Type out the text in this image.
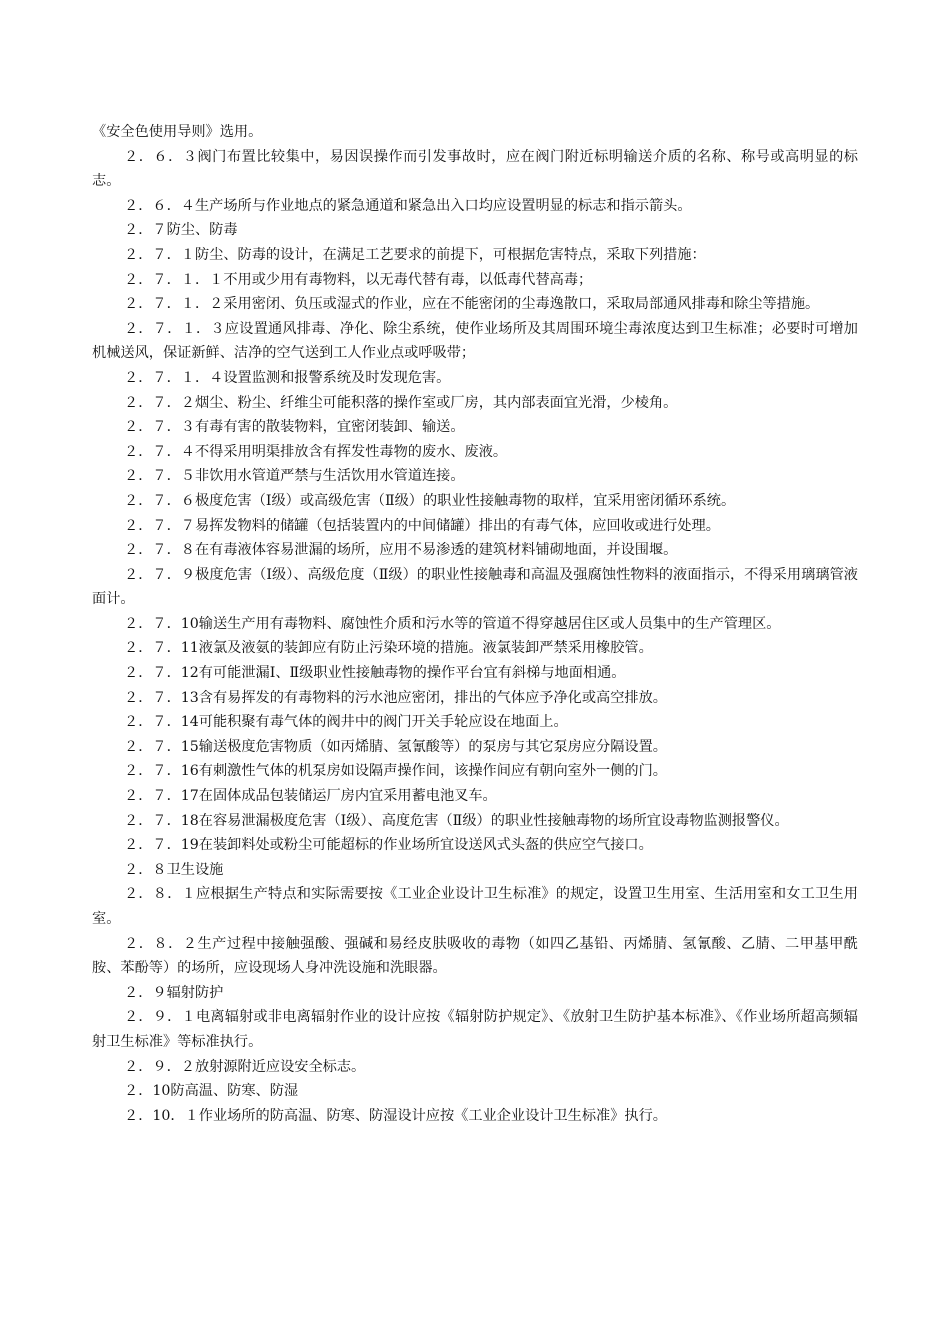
《安全色使用导则》选用。

２．６．３阀门布置比较集中，易因误操作而引发事故时，应在阀门附近标明输送介质的名称、称号或高明显的标志。

２．６．４生产场所与作业地点的紧急通道和紧急出入口均应设置明显的标志和指示箭头。

２．７防尘、防毒

２．７．１防尘、防毒的设计，在满足工艺要求的前提下，可根据危害特点，采取下列措施：

２．７．１．１不用或少用有毒物料，以无毒代替有毒，以低毒代替高毒；

２．７．１．２采用密闭、负压或湿式的作业，应在不能密闭的尘毒逸散口，采取局部通风排毒和除尘等措施。

２．７．１．３应设置通风排毒、净化、除尘系统，使作业场所及其周围环境尘毒浓度达到卫生标准；必要时可增加机械送风，保证新鲜、洁净的空气送到工人作业点或呼吸带；

２．７．１．４设置监测和报警系统及时发现危害。

２．７．２烟尘、粉尘、纤维尘可能积落的操作室或厂房，其内部表面宜光滑，少棱角。

２．７．３有毒有害的散装物料，宜密闭装卸、输送。

２．７．４不得采用明渠排放含有挥发性毒物的废水、废液。

２．７．５非饮用水管道严禁与生活饮用水管道连接。

２．７．６极度危害（Ⅰ级）或高级危害（Ⅱ级）的职业性接触毒物的取样，宜采用密闭循环系统。

２．７．７易挥发物料的储罐（包括装置内的中间储罐）排出的有毒气体，应回收或进行处理。

２．７．８在有毒液体容易泄漏的场所，应用不易渗透的建筑材料铺砌地面，并设围堰。

２．７．９极度危害（Ⅰ级）、高级危度（Ⅱ级）的职业性接触毒和高温及强腐蚀性物料的液面指示，不得采用璃璃管液面计。

２．７．10输送生产用有毒物料、腐蚀性介质和污水等的管道不得穿越居住区或人员集中的生产管理区。

２．７．11液氯及液氨的装卸应有防止污染环境的措施。液氯装卸严禁采用橡胶管。

２．７．12有可能泄漏Ⅰ、Ⅱ级职业性接触毒物的操作平台宜有斜梯与地面相通。

２．７．13含有易挥发的有毒物料的污水池应密闭，排出的气体应予净化或高空排放。

２．７．14可能积聚有毒气体的阀井中的阀门开关手轮应设在地面上。

２．７．15输送极度危害物质（如丙烯腈、氢氰酸等）的泵房与其它泵房应分隔设置。

２．７．16有刺激性气体的机泵房如设隔声操作间，该操作间应有朝向室外一侧的门。

２．７．17在固体成品包装储运厂房内宜采用蓄电池叉车。

２．７．18在容易泄漏极度危害（Ⅰ级）、高度危害（Ⅱ级）的职业性接触毒物的场所宜设毒物监测报警仪。

２．７．19在装卸料处或粉尘可能超标的作业场所宜设送风式头盔的供应空气接口。

２．８卫生设施

２．８．１应根据生产特点和实际需要按《工业企业设计卫生标准》的规定，设置卫生用室、生活用室和女工卫生用室。

２．８．２生产过程中接触强酸、强碱和易经皮肤吸收的毒物（如四乙基铅、丙烯腈、氢氰酸、乙腈、二甲基甲酰胺、苯酚等）的场所，应设现场人身冲洗设施和洗眼器。

２．９辐射防护

２．９．１电离辐射或非电离辐射作业的设计应按《辐射防护规定》、《放射卫生防护基本标准》、《作业场所超高频辐射卫生标准》等标准执行。

２．９．２放射源附近应设安全标志。

２．10防高温、防寒、防湿

２．10．１作业场所的防高温、防寒、防湿设计应按《工业企业设计卫生标准》执行。
